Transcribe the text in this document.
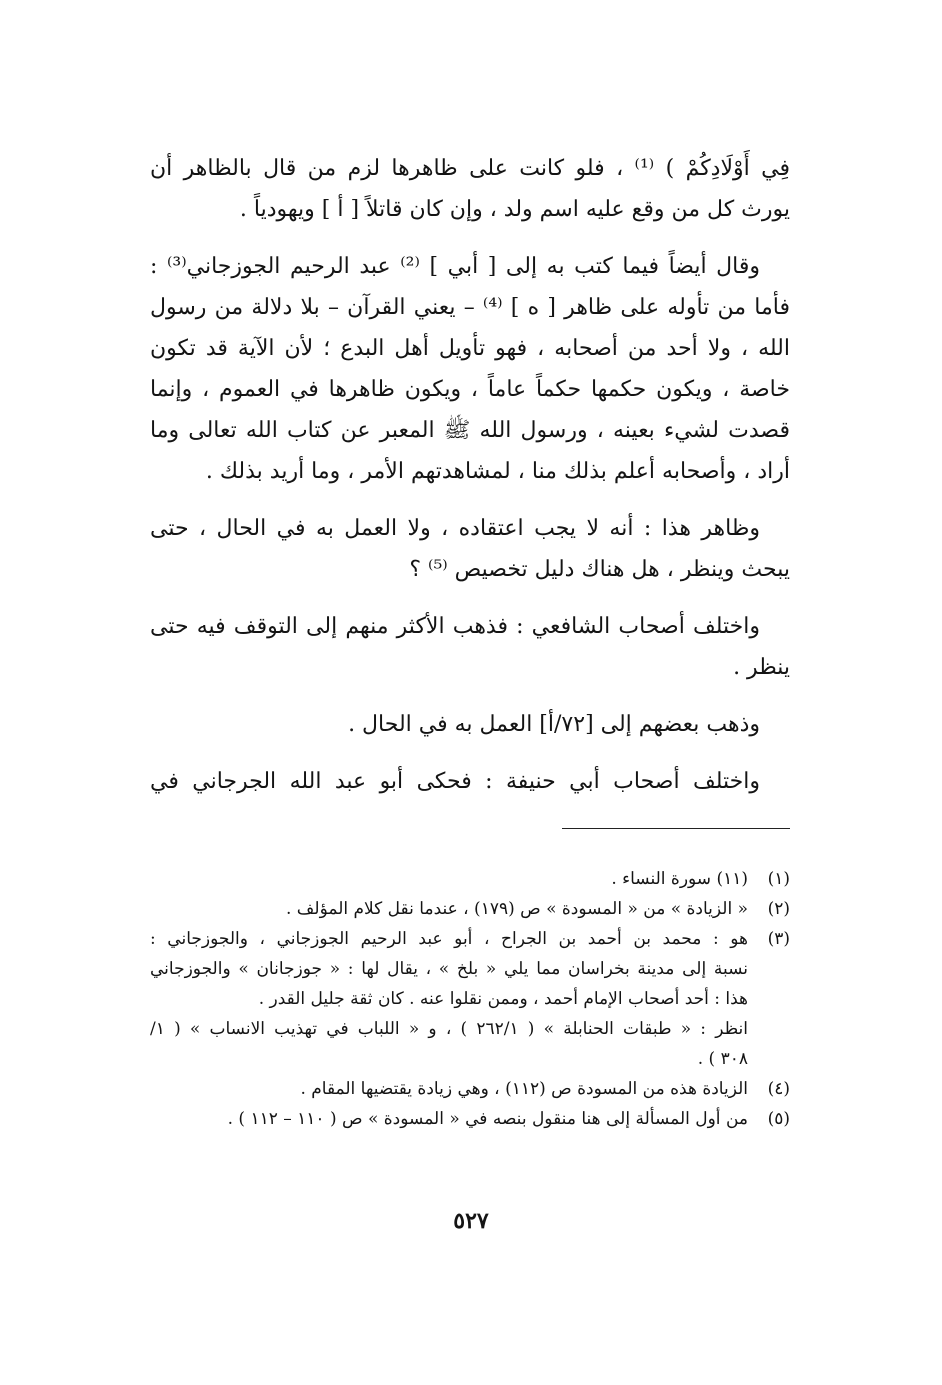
فِي أَوْلَادِكُمْ ) ⁽¹⁾ ، فلو كانت على ظاهرها لزم من قال بالظاهر أن
يورث كل من وقع عليه اسم ولد ، وإن كان قاتلاً [ أ ] ويهودياً .
وقال أيضاً فيما كتب به إلى [ أبي ] ⁽²⁾ عبد الرحيم الجوزجاني⁽³⁾ :
فأما من تأوله على ظاهر [ ه ] ⁽⁴⁾ – يعني القرآن – بلا دلالة من رسول
الله ، ولا أحد من أصحابه ، فهو تأويل أهل البدع ؛ لأن الآية قد تكون
خاصة ، ويكون حكمها حكماً عاماً ، ويكون ظاهرها في العموم ، وإنما
قصدت لشيء بعينه ، ورسول الله ﷺ المعبر عن كتاب الله تعالى وما
أراد ، وأصحابه أعلم بذلك منا ، لمشاهدتهم الأمر ، وما أريد بذلك .
وظاهر هذا : أنه لا يجب اعتقاده ، ولا العمل به في الحال ، حتى
يبحث وينظر ، هل هناك دليل تخصيص ⁽⁵⁾ ؟
واختلف أصحاب الشافعي : فذهب الأكثر منهم إلى التوقف فيه حتى
ينظر .
وذهب بعضهم إلى [٧٢/أ] العمل به في الحال .
واختلف أصحاب أبي حنيفة : فحكى أبو عبد الله الجرجاني في
(١)
(١١) سورة النساء .
(٢)
« الزيادة » من « المسودة » ص (١٧٩) ، عندما نقل كلام المؤلف .
(٣)
هو : محمد بن أحمد بن الجراح ، أبو عبد الرحيم الجوزجاني ، والجوزجاني :
نسبة إلى مدينة بخراسان مما يلي « بلخ » ، يقال لها : « جوزجانان » والجوزجاني
هذا : أحد أصحاب الإمام أحمد ، وممن نقلوا عنه . كان ثقة جليل القدر .
انظر : « طبقات الحنابلة » ( ٢٦٢/١ ) ، و « اللباب في تهذيب الانساب » ( ١/
٣٠٨ ) .
(٤)
الزيادة هذه من المسودة ص (١١٢) ، وهي زيادة يقتضيها المقام .
(٥)
من أول المسألة إلى هنا منقول بنصه في « المسودة » ص ( ١١٠ – ١١٢ ) .
٥٢٧
